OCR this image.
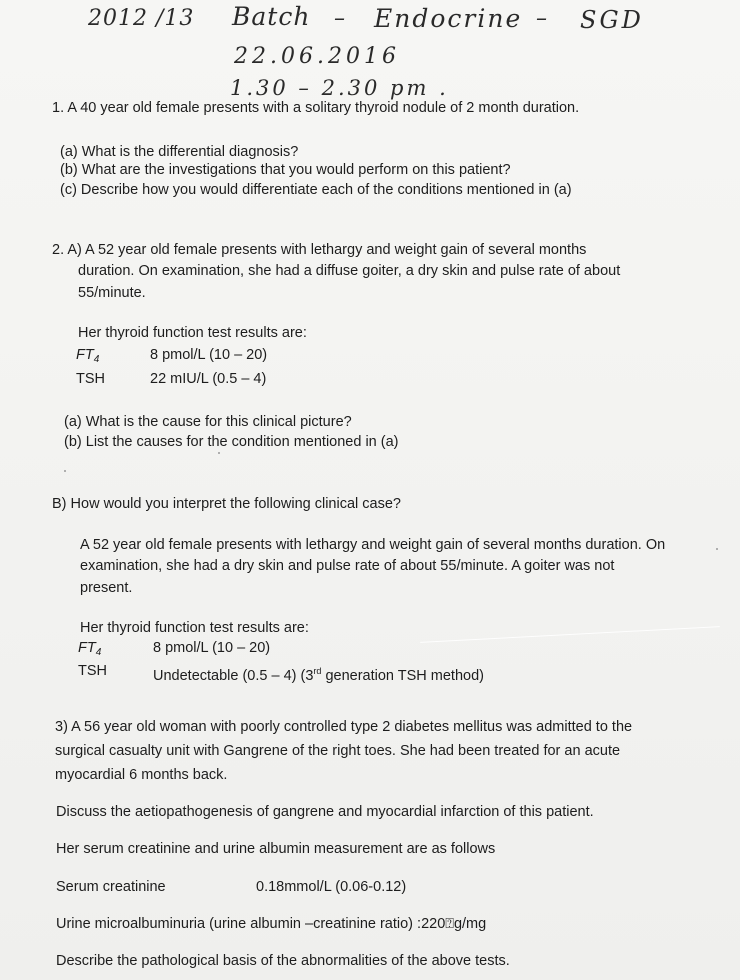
2012 /13 Batch – Endocrine – SGD
22.06.2016
1.30 – 2.30 pm .
1. A 40 year old female presents with a solitary thyroid nodule of 2 month duration.
(a) What is the differential diagnosis?
(b) What are the investigations that you would perform on this patient?
(c) Describe how you would differentiate each of the conditions mentioned in (a)
2. A) A 52 year old female presents with lethargy and weight gain of several months
duration. On examination, she had a diffuse goiter, a dry skin and pulse rate of about
55/minute.
Her thyroid function test results are:
$FT_4$	8 pmol/L (10 – 20)
TSH	22 mIU/L (0.5 – 4)
(a) What is the cause for this clinical picture?
(b) List the causes for the condition mentioned in (a)
B) How would you interpret the following clinical case?
A 52 year old female presents with lethargy and weight gain of several months duration. On
examination, she had a dry skin and pulse rate of about 55/minute. A goiter was not
present.
Her thyroid function test results are:
$FT_4$	8 pmol/L (10 – 20)
TSH	Undetectable (0.5 – 4) (3rd generation TSH method)
3) A 56 year old woman with poorly controlled type 2 diabetes mellitus was admitted to the
surgical casualty unit with Gangrene of the right toes. She had been treated for an acute
myocardial 6 months back.
Discuss the aetiopathogenesis of gangrene and myocardial infarction of this patient.
Her serum creatinine and urine albumin measurement are as follows
Serum creatinine	0.18mmol/L (0.06-0.12)
Urine microalbuminuria (urine albumin –creatinine ratio) :220⍰g/mg
Describe the pathological basis of the abnormalities of the above tests.
